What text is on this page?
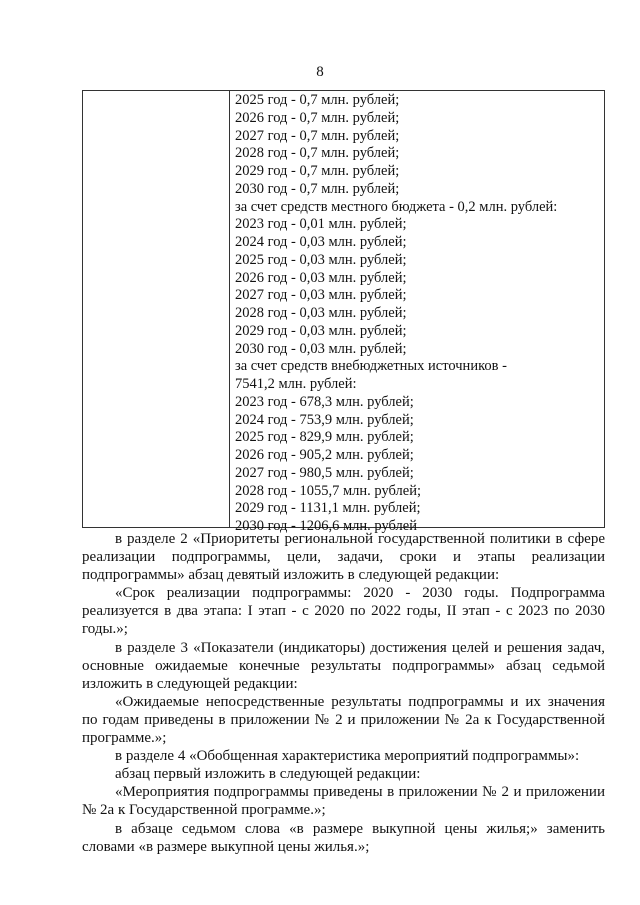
8
2025 год - 0,7 млн. рублей;
2026 год - 0,7 млн. рублей;
2027 год - 0,7 млн. рублей;
2028 год - 0,7 млн. рублей;
2029 год - 0,7 млн. рублей;
2030 год - 0,7 млн. рублей;
за счет средств местного бюджета - 0,2 млн. рублей:
2023 год - 0,01 млн. рублей;
2024 год - 0,03 млн. рублей;
2025 год - 0,03 млн. рублей;
2026 год - 0,03 млн. рублей;
2027 год - 0,03 млн. рублей;
2028 год - 0,03 млн. рублей;
2029 год - 0,03 млн. рублей;
2030 год - 0,03 млн. рублей;
за счет средств внебюджетных источников -
7541,2 млн. рублей:
2023 год - 678,3 млн. рублей;
2024 год - 753,9 млн. рублей;
2025 год - 829,9 млн. рублей;
2026 год - 905,2 млн. рублей;
2027 год - 980,5 млн. рублей;
2028 год - 1055,7 млн. рублей;
2029 год - 1131,1 млн. рублей;
2030 год - 1206,6 млн. рублей

в разделе 2 «Приоритеты региональной государственной политики в сфере реализации подпрограммы, цели, задачи, сроки и этапы реализации подпрограммы» абзац девятый изложить в следующей редакции:

«Срок реализации подпрограммы: 2020 - 2030 годы. Подпрограмма реализуется в два этапа: I этап - с 2020 по 2022 годы, II этап - с 2023 по 2030 годы.»;

в разделе 3 «Показатели (индикаторы) достижения целей и решения задач, основные ожидаемые конечные результаты подпрограммы» абзац седьмой изложить в следующей редакции:

«Ожидаемые непосредственные результаты подпрограммы и их значения по годам приведены в приложении № 2 и приложении № 2а к Государственной программе.»;

в разделе 4 «Обобщенная характеристика мероприятий подпрограммы»:

абзац первый изложить в следующей редакции:

«Мероприятия подпрограммы приведены в приложении № 2 и приложении № 2а к Государственной программе.»;

в абзаце седьмом слова «в размере выкупной цены жилья;» заменить словами «в размере выкупной цены жилья.»;
